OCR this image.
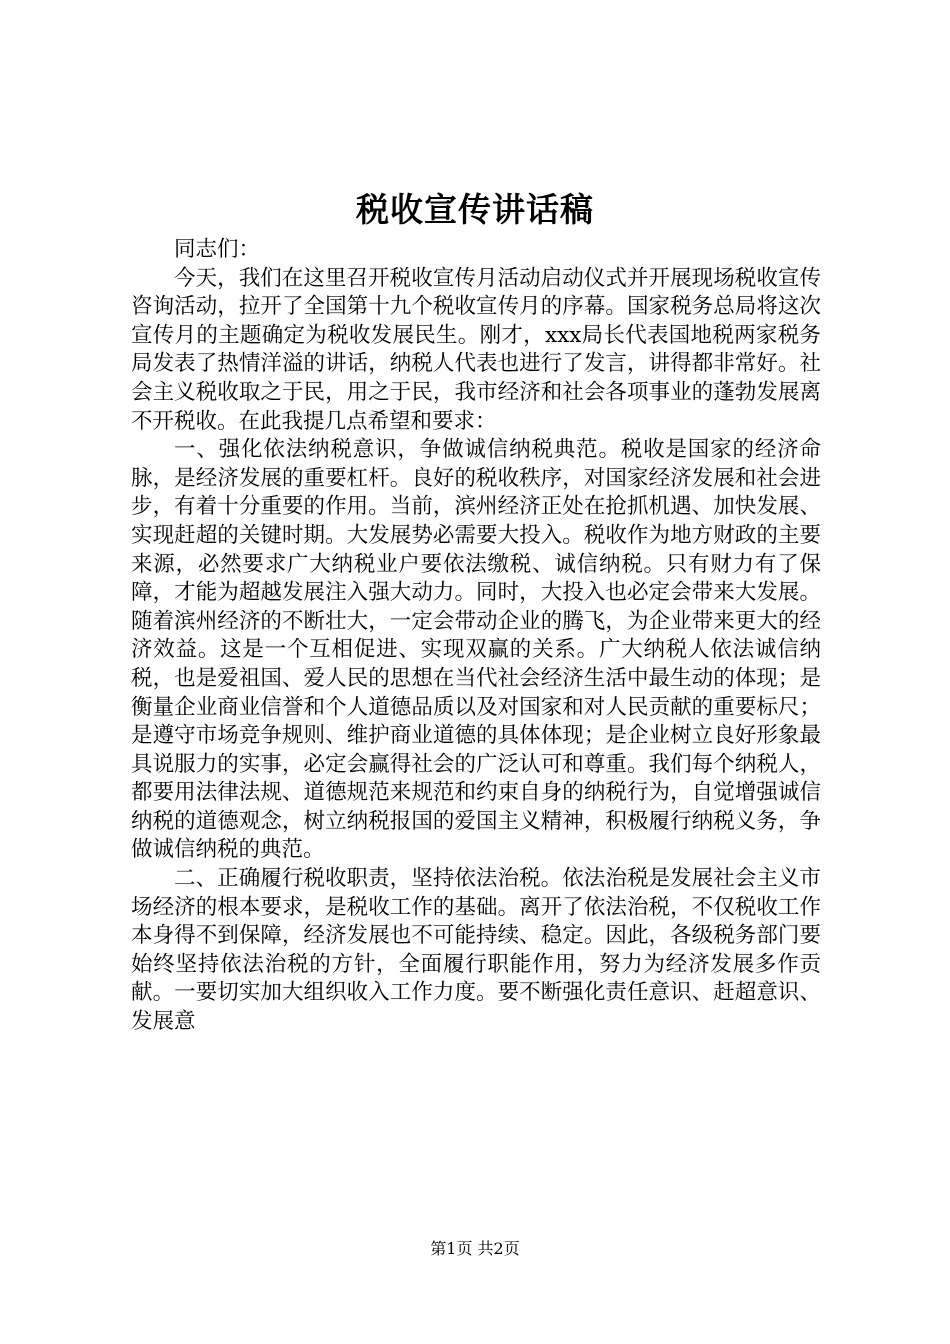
税收宣传讲话稿

同志们：

今天，我们在这里召开税收宣传月活动启动仪式并开展现场税收宣传咨询活动，拉开了全国第十九个税收宣传月的序幕。国家税务总局将这次宣传月的主题确定为税收发展民生。刚才，xxx局长代表国地税两家税务局发表了热情洋溢的讲话，纳税人代表也进行了发言，讲得都非常好。社会主义税收取之于民，用之于民，我市经济和社会各项事业的蓬勃发展离不开税收。在此我提几点希望和要求：

一、强化依法纳税意识，争做诚信纳税典范。税收是国家的经济命脉，是经济发展的重要杠杆。良好的税收秩序，对国家经济发展和社会进步，有着十分重要的作用。当前，滨州经济正处在抢抓机遇、加快发展、实现赶超的关键时期。大发展势必需要大投入。税收作为地方财政的主要来源，必然要求广大纳税业户要依法缴税、诚信纳税。只有财力有了保障，才能为超越发展注入强大动力。同时，大投入也必定会带来大发展。随着滨州经济的不断壮大，一定会带动企业的腾飞，为企业带来更大的经济效益。这是一个互相促进、实现双赢的关系。广大纳税人依法诚信纳税，也是爱祖国、爱人民的思想在当代社会经济生活中最生动的体现；是衡量企业商业信誉和个人道德品质以及对国家和对人民贡献的重要标尺；是遵守市场竞争规则、维护商业道德的具体体现；是企业树立良好形象最具说服力的实事，必定会赢得社会的广泛认可和尊重。我们每个纳税人，都要用法律法规、道德规范来规范和约束自身的纳税行为，自觉增强诚信纳税的道德观念，树立纳税报国的爱国主义精神，积极履行纳税义务，争做诚信纳税的典范。

二、正确履行税收职责，坚持依法治税。依法治税是发展社会主义市场经济的根本要求，是税收工作的基础。离开了依法治税，不仅税收工作本身得不到保障，经济发展也不可能持续、稳定。因此，各级税务部门要始终坚持依法治税的方针，全面履行职能作用，努力为经济发展多作贡献。一要切实加大组织收入工作力度。要不断强化责任意识、赶超意识、发展意

第1页 共2页
